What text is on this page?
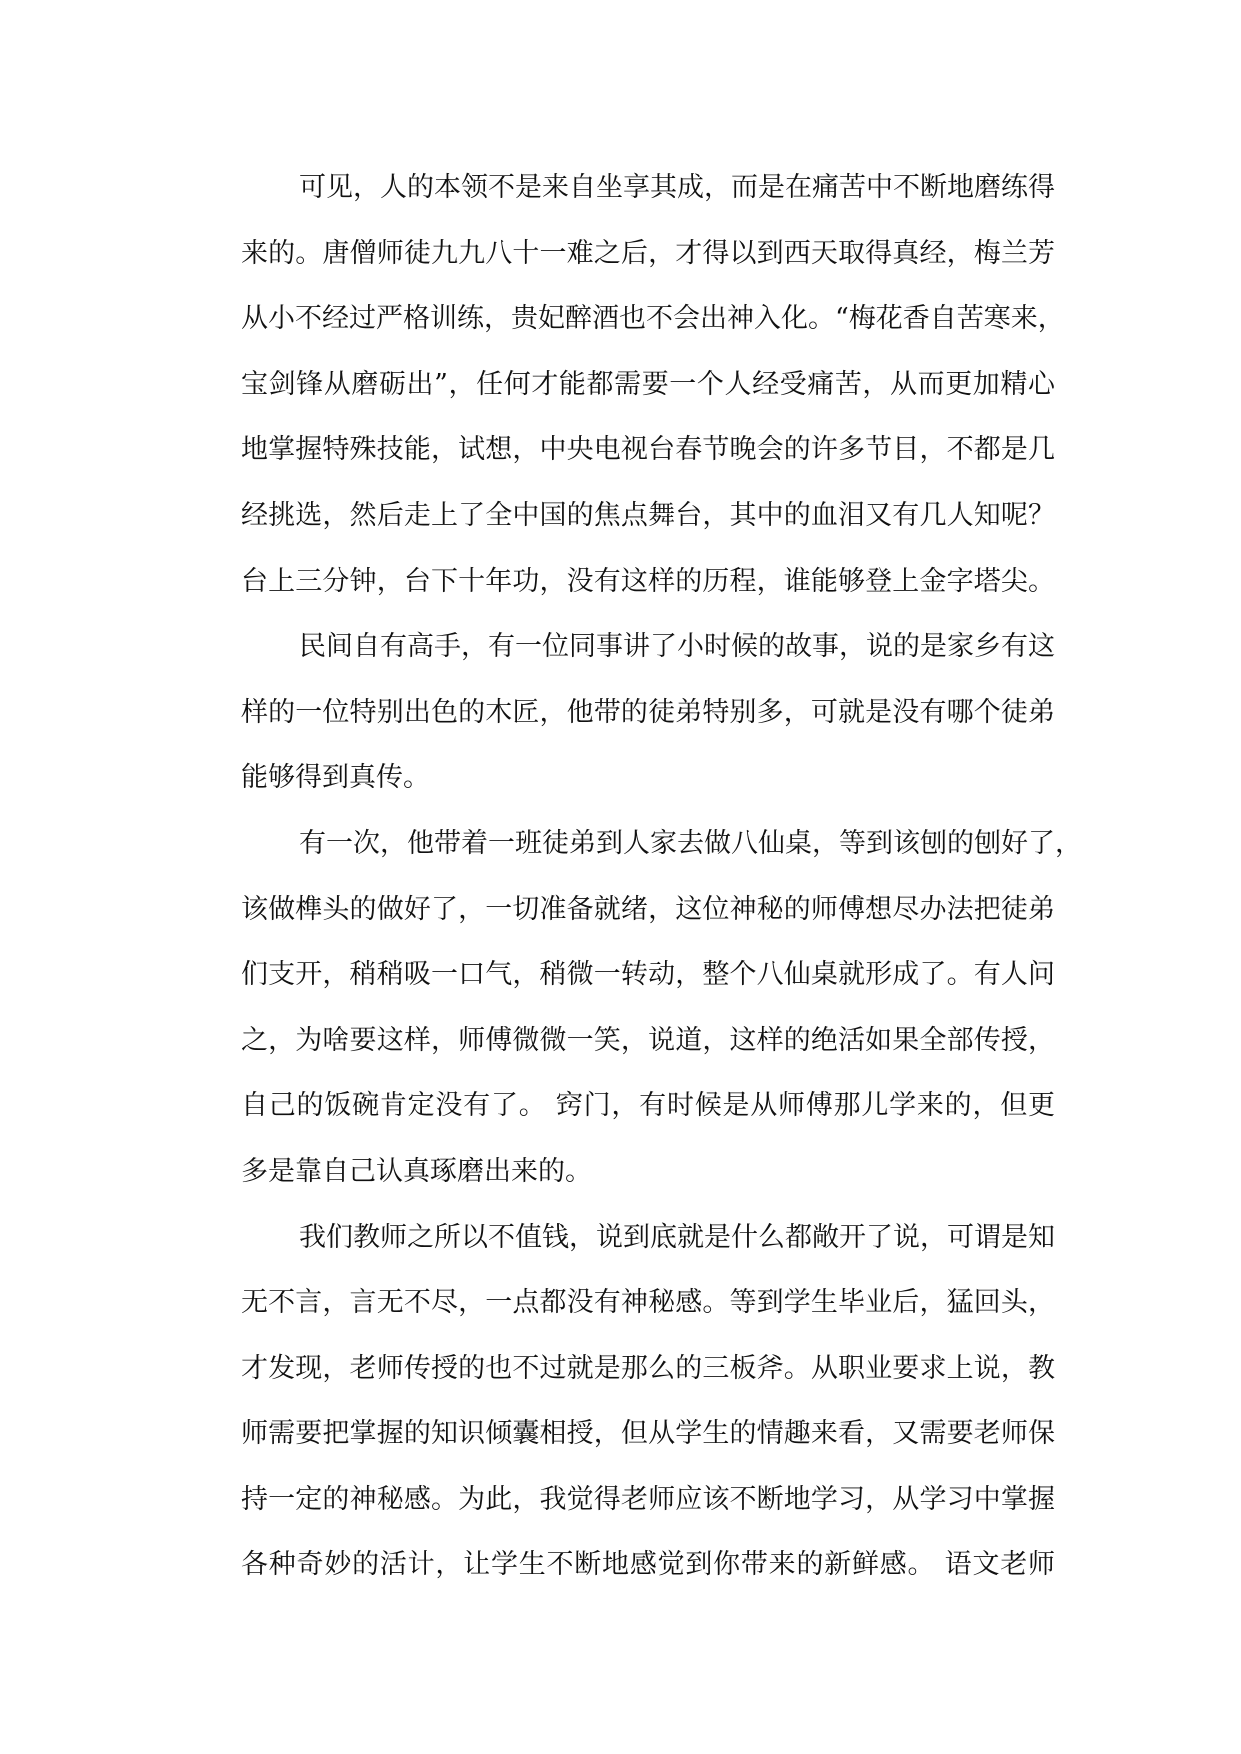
可见，人的本领不是来自坐享其成，而是在痛苦中不断地磨练得
来的。唐僧师徒九九八十一难之后，才得以到西天取得真经，梅兰芳
从小不经过严格训练，贵妃醉酒也不会出神入化。“梅花香自苦寒来，
宝剑锋从磨砺出”，任何才能都需要一个人经受痛苦，从而更加精心
地掌握特殊技能，试想，中央电视台春节晚会的许多节目，不都是几
经挑选，然后走上了全中国的焦点舞台，其中的血泪又有几人知呢？
台上三分钟，台下十年功，没有这样的历程，谁能够登上金字塔尖。
民间自有高手，有一位同事讲了小时候的故事，说的是家乡有这
样的一位特别出色的木匠，他带的徒弟特别多，可就是没有哪个徒弟
能够得到真传。
有一次，他带着一班徒弟到人家去做八仙桌，等到该刨的刨好了，
该做榫头的做好了，一切准备就绪，这位神秘的师傅想尽办法把徒弟
们支开，稍稍吸一口气，稍微一转动，整个八仙桌就形成了。有人问
之，为啥要这样，师傅微微一笑，说道，这样的绝活如果全部传授，
自己的饭碗肯定没有了。 窍门，有时候是从师傅那儿学来的，但更
多是靠自己认真琢磨出来的。
我们教师之所以不值钱，说到底就是什么都敞开了说，可谓是知
无不言，言无不尽，一点都没有神秘感。等到学生毕业后，猛回头，
才发现，老师传授的也不过就是那么的三板斧。从职业要求上说，教
师需要把掌握的知识倾囊相授，但从学生的情趣来看，又需要老师保
持一定的神秘感。为此，我觉得老师应该不断地学习，从学习中掌握
各种奇妙的活计，让学生不断地感觉到你带来的新鲜感。 语文老师
